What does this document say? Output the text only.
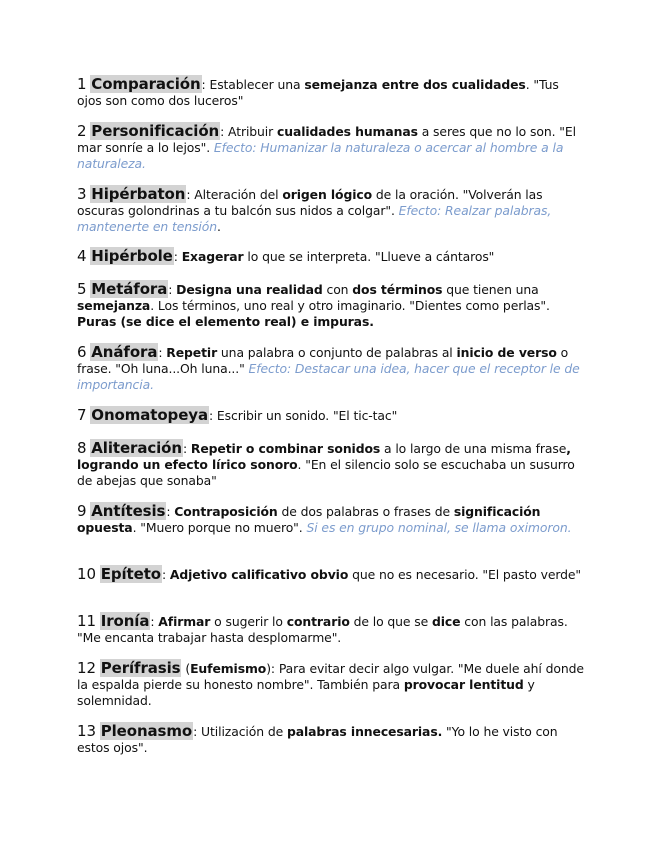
1 Comparación: Establecer una semejanza entre dos cualidades. "Tus ojos son como dos luceros"
2 Personificación: Atribuir cualidades humanas a seres que no lo son. "El mar sonríe a lo lejos". Efecto: Humanizar la naturaleza o acercar al hombre a la naturaleza.
3 Hipérbaton: Alteración del origen lógico de la oración. "Volverán las oscuras golondrinas a tu balcón sus nidos a colgar". Efecto: Realzar palabras, mantenerte en tensión.
4 Hipérbole: Exagerar lo que se interpreta. "Llueve a cántaros"
5 Metáfora: Designa una realidad con dos términos que tienen una semejanza. Los términos, uno real y otro imaginario. "Dientes como perlas". Puras (se dice el elemento real) e impuras.
6 Anáfora: Repetir una palabra o conjunto de palabras al inicio de verso o frase. "Oh luna...Oh luna..." Efecto: Destacar una idea, hacer que el receptor le de importancia.
7 Onomatopeya: Escribir un sonido. "El tic-tac"
8 Aliteración: Repetir o combinar sonidos a lo largo de una misma frase, logrando un efecto lírico sonoro. "En el silencio solo se escuchaba un susurro de abejas que sonaba"
9 Antítesis: Contraposición de dos palabras o frases de significación opuesta. "Muero porque no muero". Si es en grupo nominal, se llama oximoron.
10 Epíteto: Adjetivo calificativo obvio que no es necesario. "El pasto verde"
11 Ironía: Afirmar o sugerir lo contrario de lo que se dice con las palabras. "Me encanta trabajar hasta desplomarme".
12 Perífrasis (Eufemismo): Para evitar decir algo vulgar. "Me duele ahí donde la espalda pierde su honesto nombre". También para provocar lentitud y solemnidad.
13 Pleonasmo: Utilización de palabras innecesarias. "Yo lo he visto con estos ojos".
